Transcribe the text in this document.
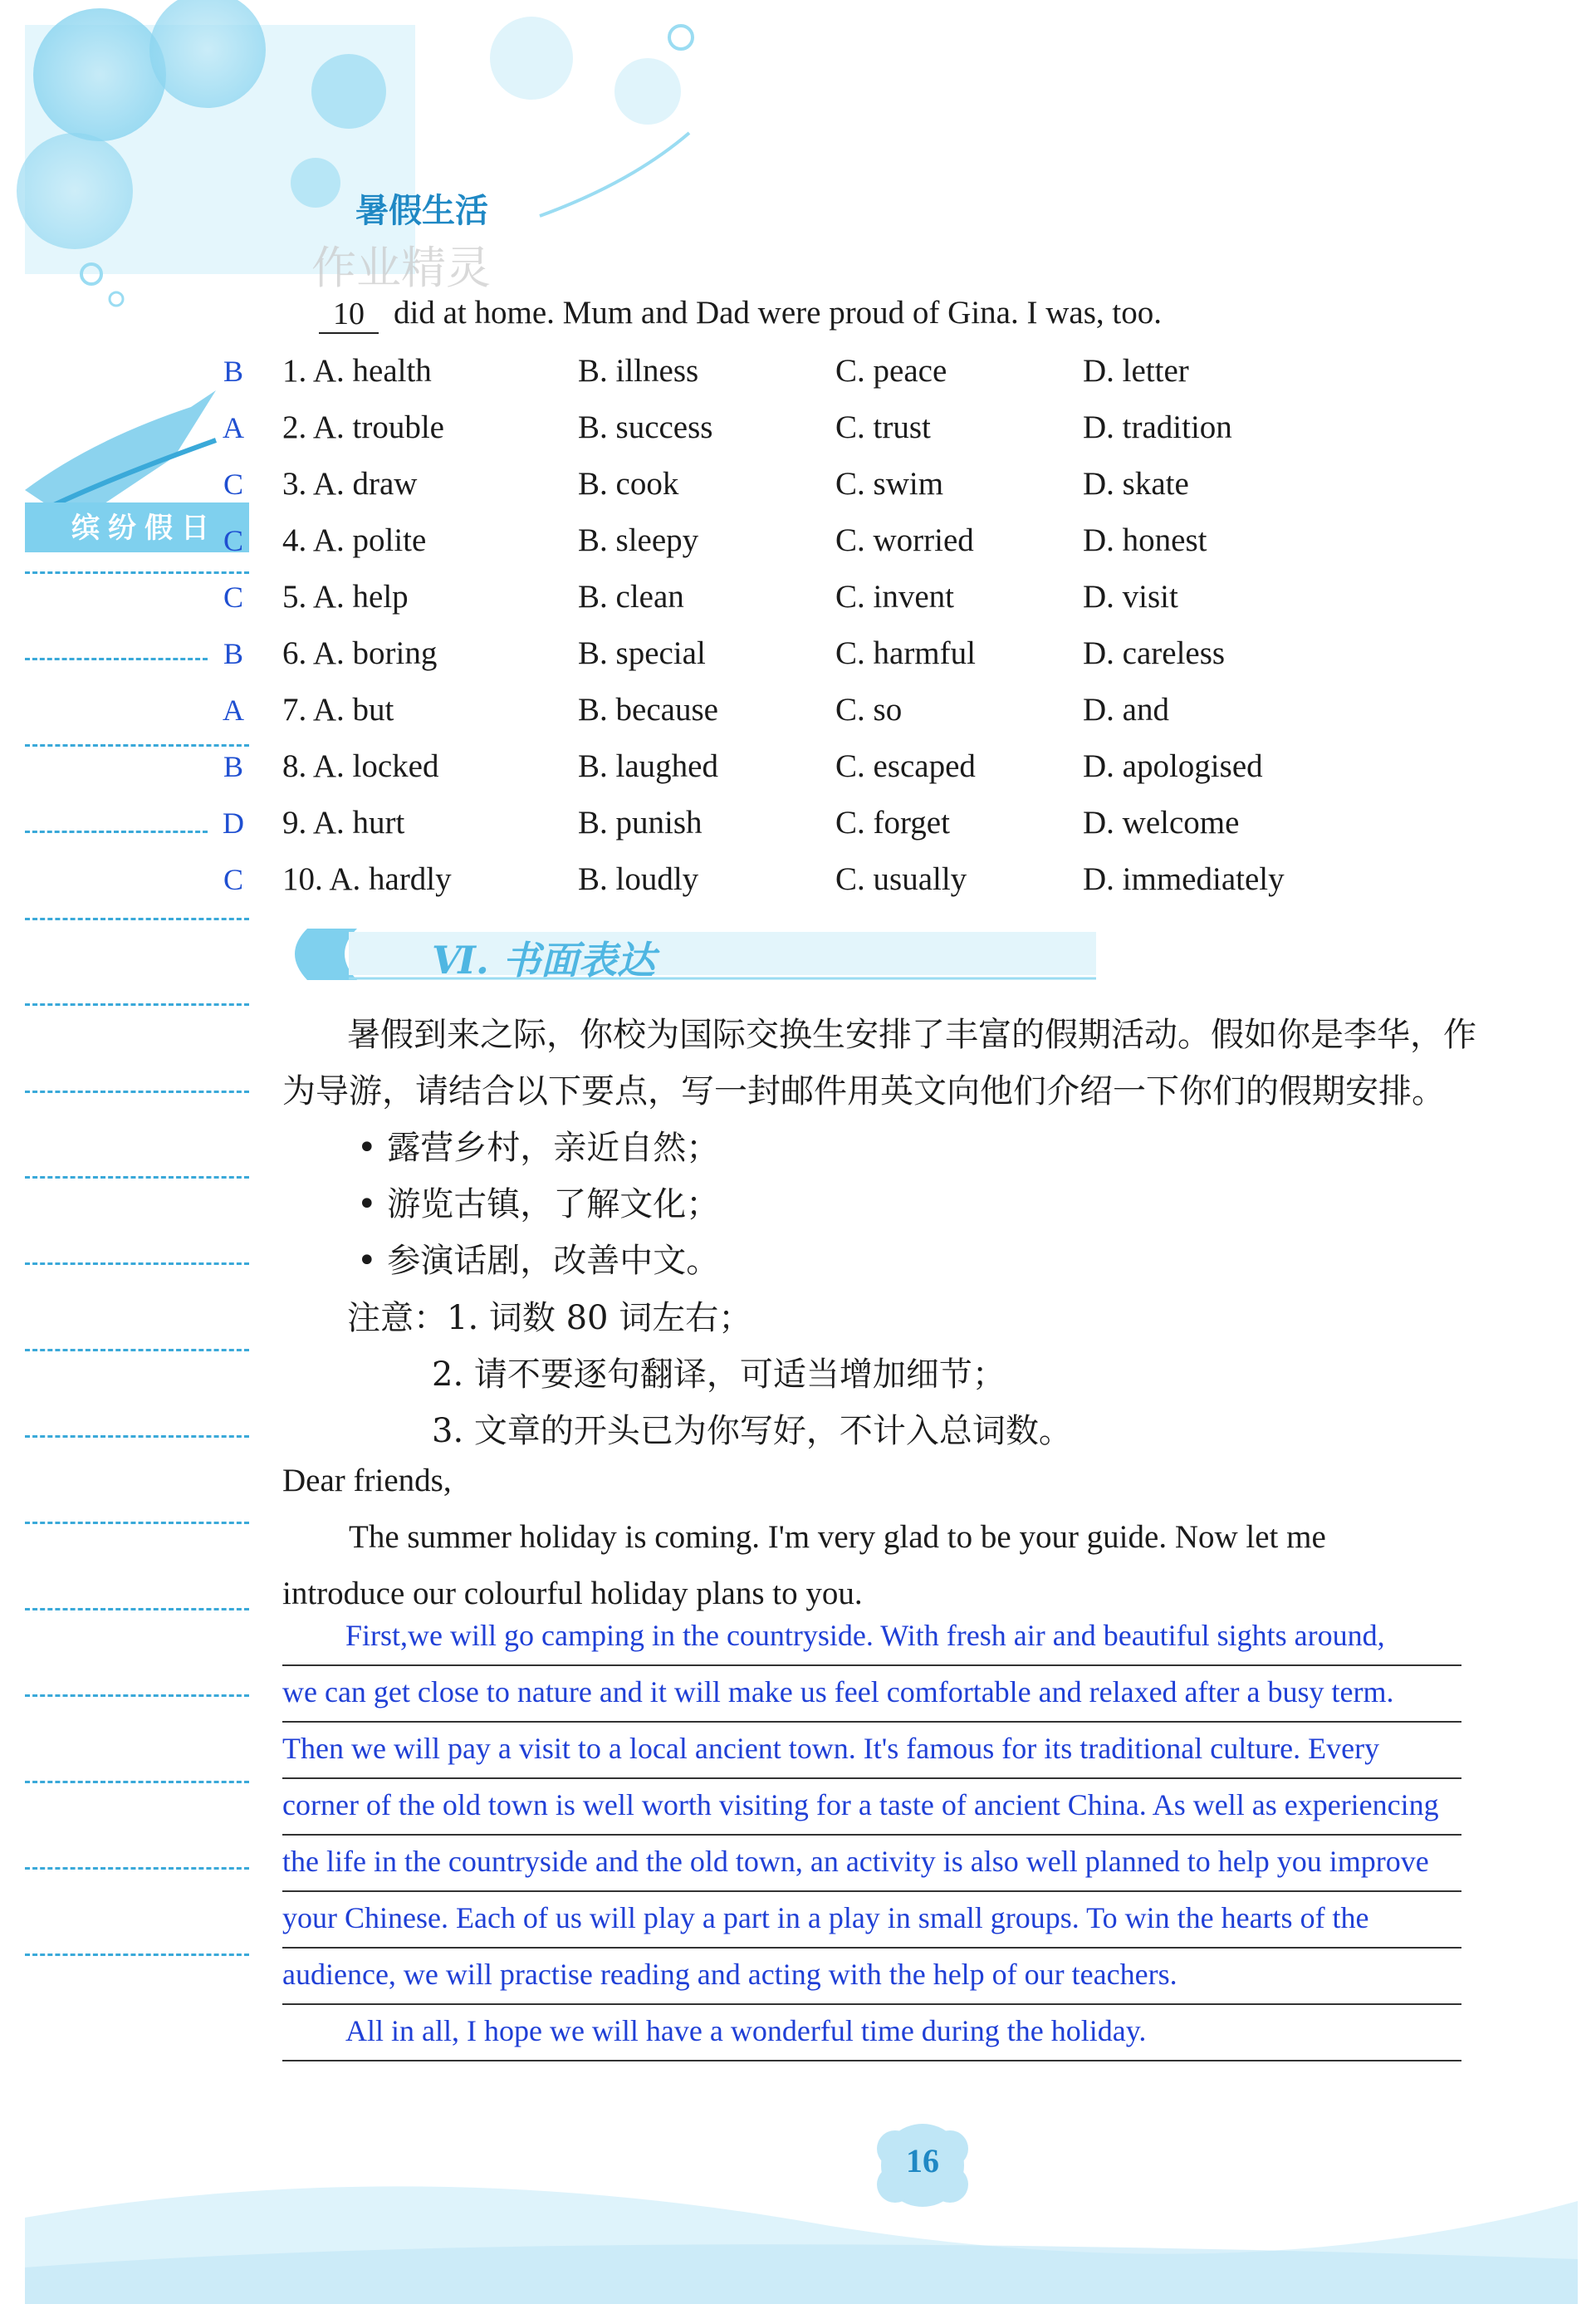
暑假生活
作业精灵
缤纷假日
10 did at home. Mum and Dad were proud of Gina. I was, too.
B 1. A. health	B. illness	C. peace	D. letter
A 2. A. trouble	B. success	C. trust	D. tradition
C 3. A. draw	B. cook	C. swim	D. skate
C 4. A. polite	B. sleepy	C. worried	D. honest
C 5. A. help	B. clean	C. invent	D. visit
B 6. A. boring	B. special	C. harmful	D. careless
A 7. A. but	B. because	C. so	D. and
B 8. A. locked	B. laughed	C. escaped	D. apologised
D 9. A. hurt	B. punish	C. forget	D. welcome
C 10. A. hardly	B. loudly	C. usually	D. immediately
Ⅵ. 书面表达
暑假到来之际，你校为国际交换生安排了丰富的假期活动。假如你是李华，作
为导游，请结合以下要点，写一封邮件用英文向他们介绍一下你们的假期安排。
• 露营乡村，亲近自然；
• 游览古镇，了解文化；
• 参演话剧，改善中文。
注意：1. 词数 80 词左右；
2. 请不要逐句翻译，可适当增加细节；
3. 文章的开头已为你写好，不计入总词数。
Dear friends,
The summer holiday is coming. I'm very glad to be your guide. Now let me
introduce our colourful holiday plans to you.
First,we will go camping in the countryside. With fresh air and beautiful sights around,
we can get close to nature and it will make us feel comfortable and relaxed after a busy term.
Then we will pay a visit to a local ancient town. It's famous for its traditional culture. Every
corner of the old town is well worth visiting for a taste of ancient China. As well as experiencing
the life in the countryside and the old town, an activity is also well planned to help you improve
your Chinese. Each of us will play a part in a play in small groups. To win the hearts of the
audience, we will practise reading and acting with the help of our teachers.
All in all, I hope we will have a wonderful time during the holiday.
16
